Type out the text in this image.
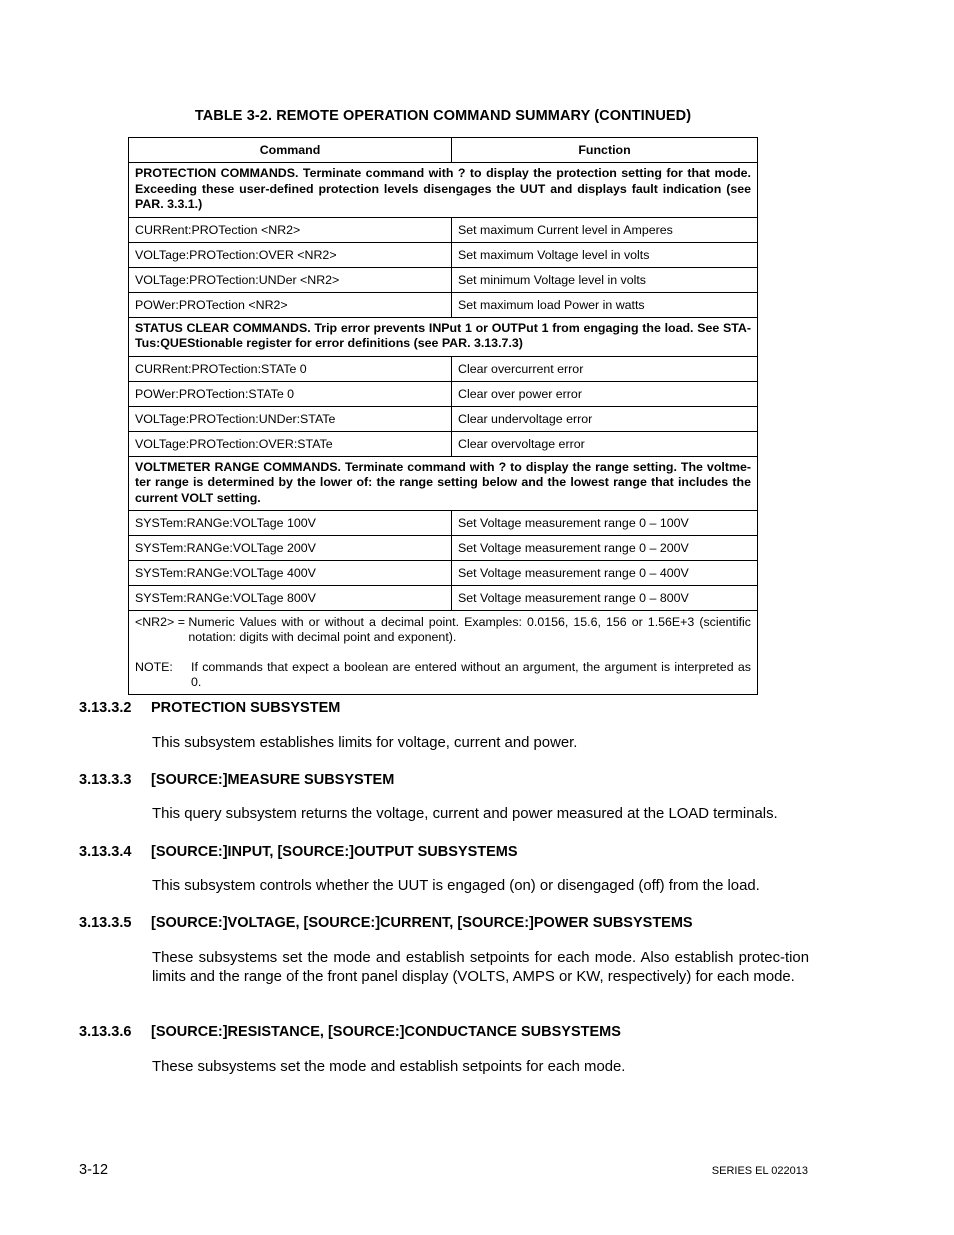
TABLE 3-2. REMOTE OPERATION COMMAND SUMMARY (CONTINUED)
Command	Function
PROTECTION COMMANDS. Terminate command with ? to display the protection setting for that mode. Exceeding these user-defined protection levels disengages the UUT and displays fault indication (see PAR. 3.3.1.)	
CURRent:PROTection <NR2>	Set maximum Current level in Amperes
VOLTage:PROTection:OVER <NR2>	Set maximum Voltage level in volts
VOLTage:PROTection:UNDer <NR2>	Set minimum Voltage level in volts
POWer:PROTection <NR2>	Set maximum load Power in watts
STATUS CLEAR COMMANDS. Trip error prevents INPut 1 or OUTPut 1 from engaging the load. See STA-Tus:QUEStionable register for error definitions (see PAR. 3.13.7.3)	
CURRent:PROTection:STATe 0	Clear overcurrent error
POWer:PROTection:STATe 0	Clear over power error
VOLTage:PROTection:UNDer:STATe	Clear undervoltage error
VOLTage:PROTection:OVER:STATe	Clear overvoltage error
VOLTMETER RANGE COMMANDS. Terminate command with ? to display the range setting. The voltme-ter range is determined by the lower of: the range setting below and the lowest range that includes the current VOLT setting.	
SYSTem:RANGe:VOLTage 100V	Set Voltage measurement range 0 – 100V
SYSTem:RANGe:VOLTage 200V	Set Voltage measurement range 0 – 200V
SYSTem:RANGe:VOLTage 400V	Set Voltage measurement range 0 – 400V
SYSTem:RANGe:VOLTage 800V	Set Voltage measurement range 0 – 800V

<NR2> = Numeric Values with or without a decimal point. Examples: 0.0156, 15.6, 156 or 1.56E+3 (scientific notation: digits with decimal point and exponent).
NOTE: If commands that expect a boolean are entered without an argument, the argument is interpreted as 0.	
3.13.3.2 PROTECTION SUBSYSTEM

This subsystem establishes limits for voltage, current and power.

3.13.3.3 [SOURCE:]MEASURE SUBSYSTEM

This query subsystem returns the voltage, current and power measured at the LOAD terminals.

3.13.3.4 [SOURCE:]INPUT, [SOURCE:]OUTPUT SUBSYSTEMS

This subsystem controls whether the UUT is engaged (on) or disengaged (off) from the load.

3.13.3.5 [SOURCE:]VOLTAGE, [SOURCE:]CURRENT, [SOURCE:]POWER SUBSYSTEMS

These subsystems set the mode and establish setpoints for each mode. Also establish protec-tion limits and the range of the front panel display (VOLTS, AMPS or KW, respectively) for each mode.

3.13.3.6 [SOURCE:]RESISTANCE, [SOURCE:]CONDUCTANCE SUBSYSTEMS

These subsystems set the mode and establish setpoints for each mode.

3-12	SERIES EL 022013
